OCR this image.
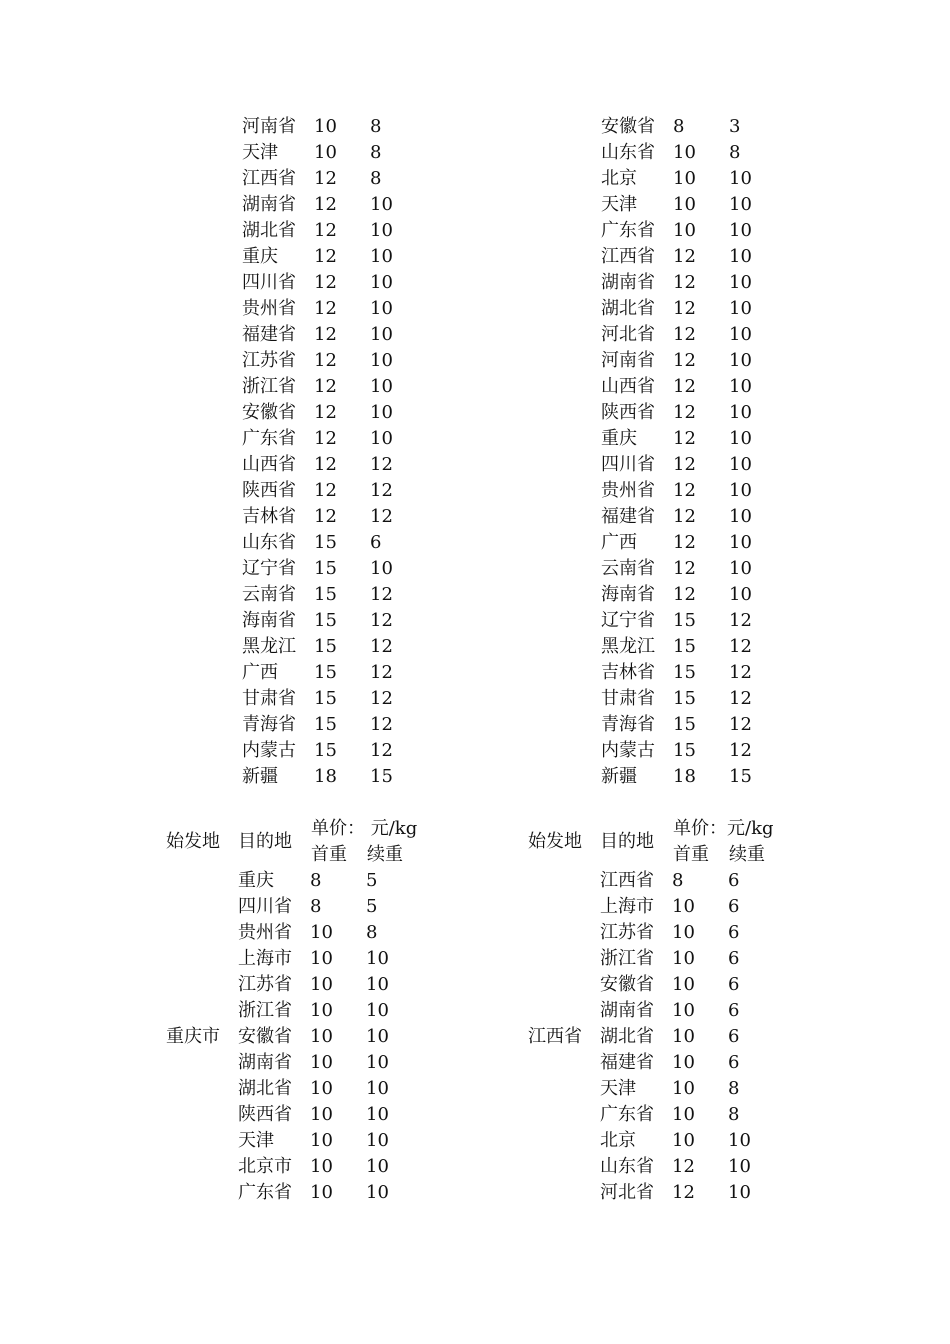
河南省 10 8
天津 10 8
江西省 12 8
湖南省 12 10
湖北省 12 10
重庆 12 10
四川省 12 10
贵州省 12 10
福建省 12 10
江苏省 12 10
浙江省 12 10
安徽省 12 10
广东省 12 10
山西省 12 12
陕西省 12 12
吉林省 12 12
山东省 15 6
辽宁省 15 10
云南省 15 12
海南省 15 12
黑龙江 15 12
广西 15 12
甘肃省 15 12
青海省 15 12
内蒙古 15 12
新疆 18 15
安徽省 8 3
山东省 10 8
北京 10 10
天津 10 10
广东省 10 10
江西省 12 10
湖南省 12 10
湖北省 12 10
河北省 12 10
河南省 12 10
山西省 12 10
陕西省 12 10
重庆 12 10
四川省 12 10
贵州省 12 10
福建省 12 10
广西 12 10
云南省 12 10
海南省 12 10
辽宁省 15 12
黑龙江 15 12
吉林省 15 12
甘肃省 15 12
青海省 15 12
内蒙古 15 12
新疆 18 15
始发地 目的地
单价： 元/kg
首重 续重
重庆市
重庆 8 5
四川省 8 5
贵州省 10 8
上海市 10 10
江苏省 10 10
浙江省 10 10
安徽省 10 10
湖南省 10 10
湖北省 10 10
陕西省 10 10
天津 10 10
北京市 10 10
广东省 10 10
始发地 目的地
单价：元/kg
首重 续重
江西省
江西省 8 6
上海市 10 6
江苏省 10 6
浙江省 10 6
安徽省 10 6
湖南省 10 6
湖北省 10 6
福建省 10 6
天津 10 8
广东省 10 8
北京 10 10
山东省 12 10
河北省 12 10
